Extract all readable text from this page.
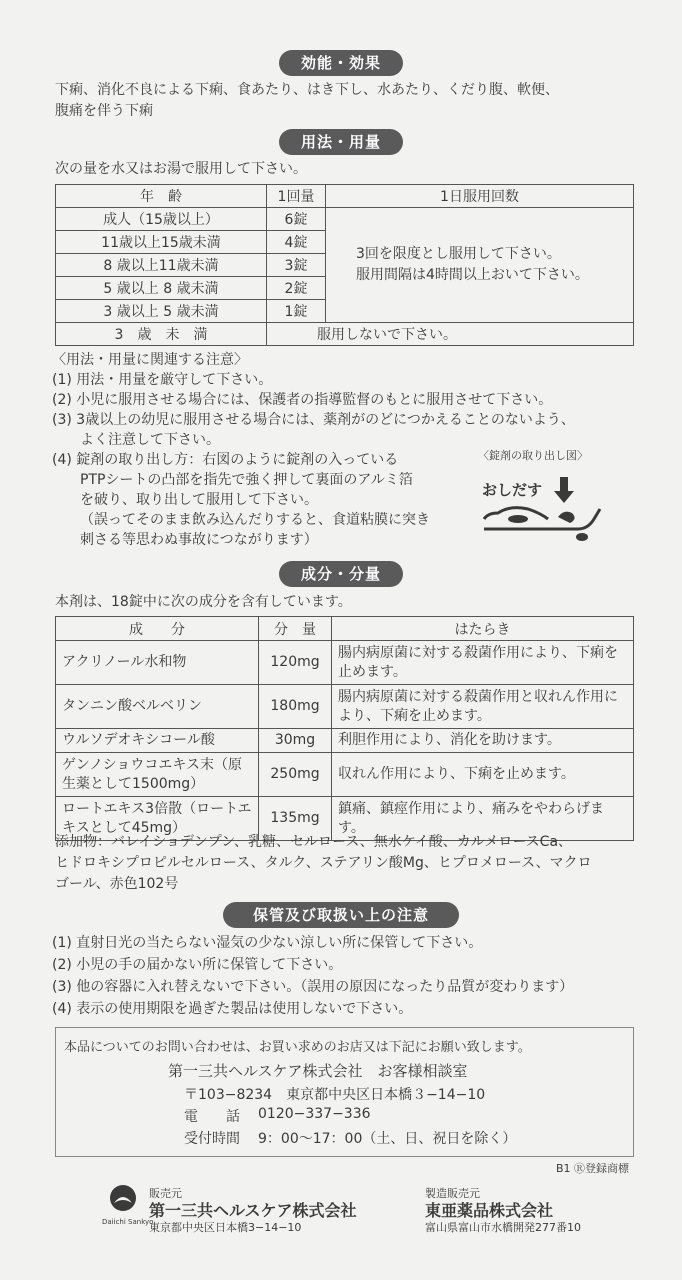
効能・効果
下痢、消化不良による下痢、食あたり、はき下し、水あたり、くだり腹、軟便、
腹痛を伴う下痢
用法・用量
次の量を水又はお湯で服用して下さい。
年　齢	1回量	1日服用回数
成人（15歳以上）	6錠	3回を限度とし服用して下さい。
服用間隔は4時間以上おいて下さい。

11歳以上15歳未満	4錠	
8 歳以上11歳未満	3錠	
5 歳以上 8 歳未満	2錠	
3 歳以上 5 歳未満	1錠	
3　歳　未　満	服用しないで下さい。	
〈用法・用量に関連する注意〉
(1) 用法・用量を厳守して下さい。
(2) 小児に服用させる場合には、保護者の指導監督のもとに服用させて下さい。
(3) 3歳以上の幼児に服用させる場合には、薬剤がのどにつかえることのないよう、
よく注意して下さい。
(4) 錠剤の取り出し方：右図のように錠剤の入っている
PTPシートの凸部を指先で強く押して裏面のアルミ箔
を破り、取り出して服用して下さい。
（誤ってそのまま飲み込んだりすると、食道粘膜に突き
刺さる等思わぬ事故につながります）
〈錠剤の取り出し図〉
おしだす
成分・分量
本剤は、18錠中に次の成分を含有しています。
成　　分	分　量	はたらき
アクリノール水和物	120mg	腸内病原菌に対する殺菌作用により、下痢を止めます。
タンニン酸ベルベリン	180mg	腸内病原菌に対する殺菌作用と収れん作用により、下痢を止めます。
ウルソデオキシコール酸	30mg	利胆作用により、消化を助けます。
ゲンノショウコエキス末（原生薬として1500mg）	250mg	収れん作用により、下痢を止めます。
ロートエキス3倍散（ロートエキスとして45mg）	135mg	鎮痛、鎮痙作用により、痛みをやわらげます。
添加物：バレイショデンプン、乳糖、セルロース、無水ケイ酸、カルメロースCa、
ヒドロキシプロピルセルロース、タルク、ステアリン酸Mg、ヒプロメロース、マクロ
ゴール、赤色102号
保管及び取扱い上の注意
(1) 直射日光の当たらない湿気の少ない涼しい所に保管して下さい。
(2) 小児の手の届かない所に保管して下さい。
(3) 他の容器に入れ替えないで下さい。（誤用の原因になったり品質が変わります）
(4) 表示の使用期限を過ぎた製品は使用しないで下さい。
本品についてのお問い合わせは、お買い求めのお店又は下記にお願い致します。
第一三共ヘルスケア株式会社　お客様相談室
〒103−8234　東京都中央区日本橋３−14−10
電　　話 0120−337−336
受付時間 9：00〜17：00（土、日、祝日を除く）
B1 Ⓡ登録商標
Daiichi Sankyo
販売元
第一三共ヘルスケア株式会社
東京都中央区日本橋3−14−10
製造販売元
東亜薬品株式会社
富山県富山市水橋開発277番10
